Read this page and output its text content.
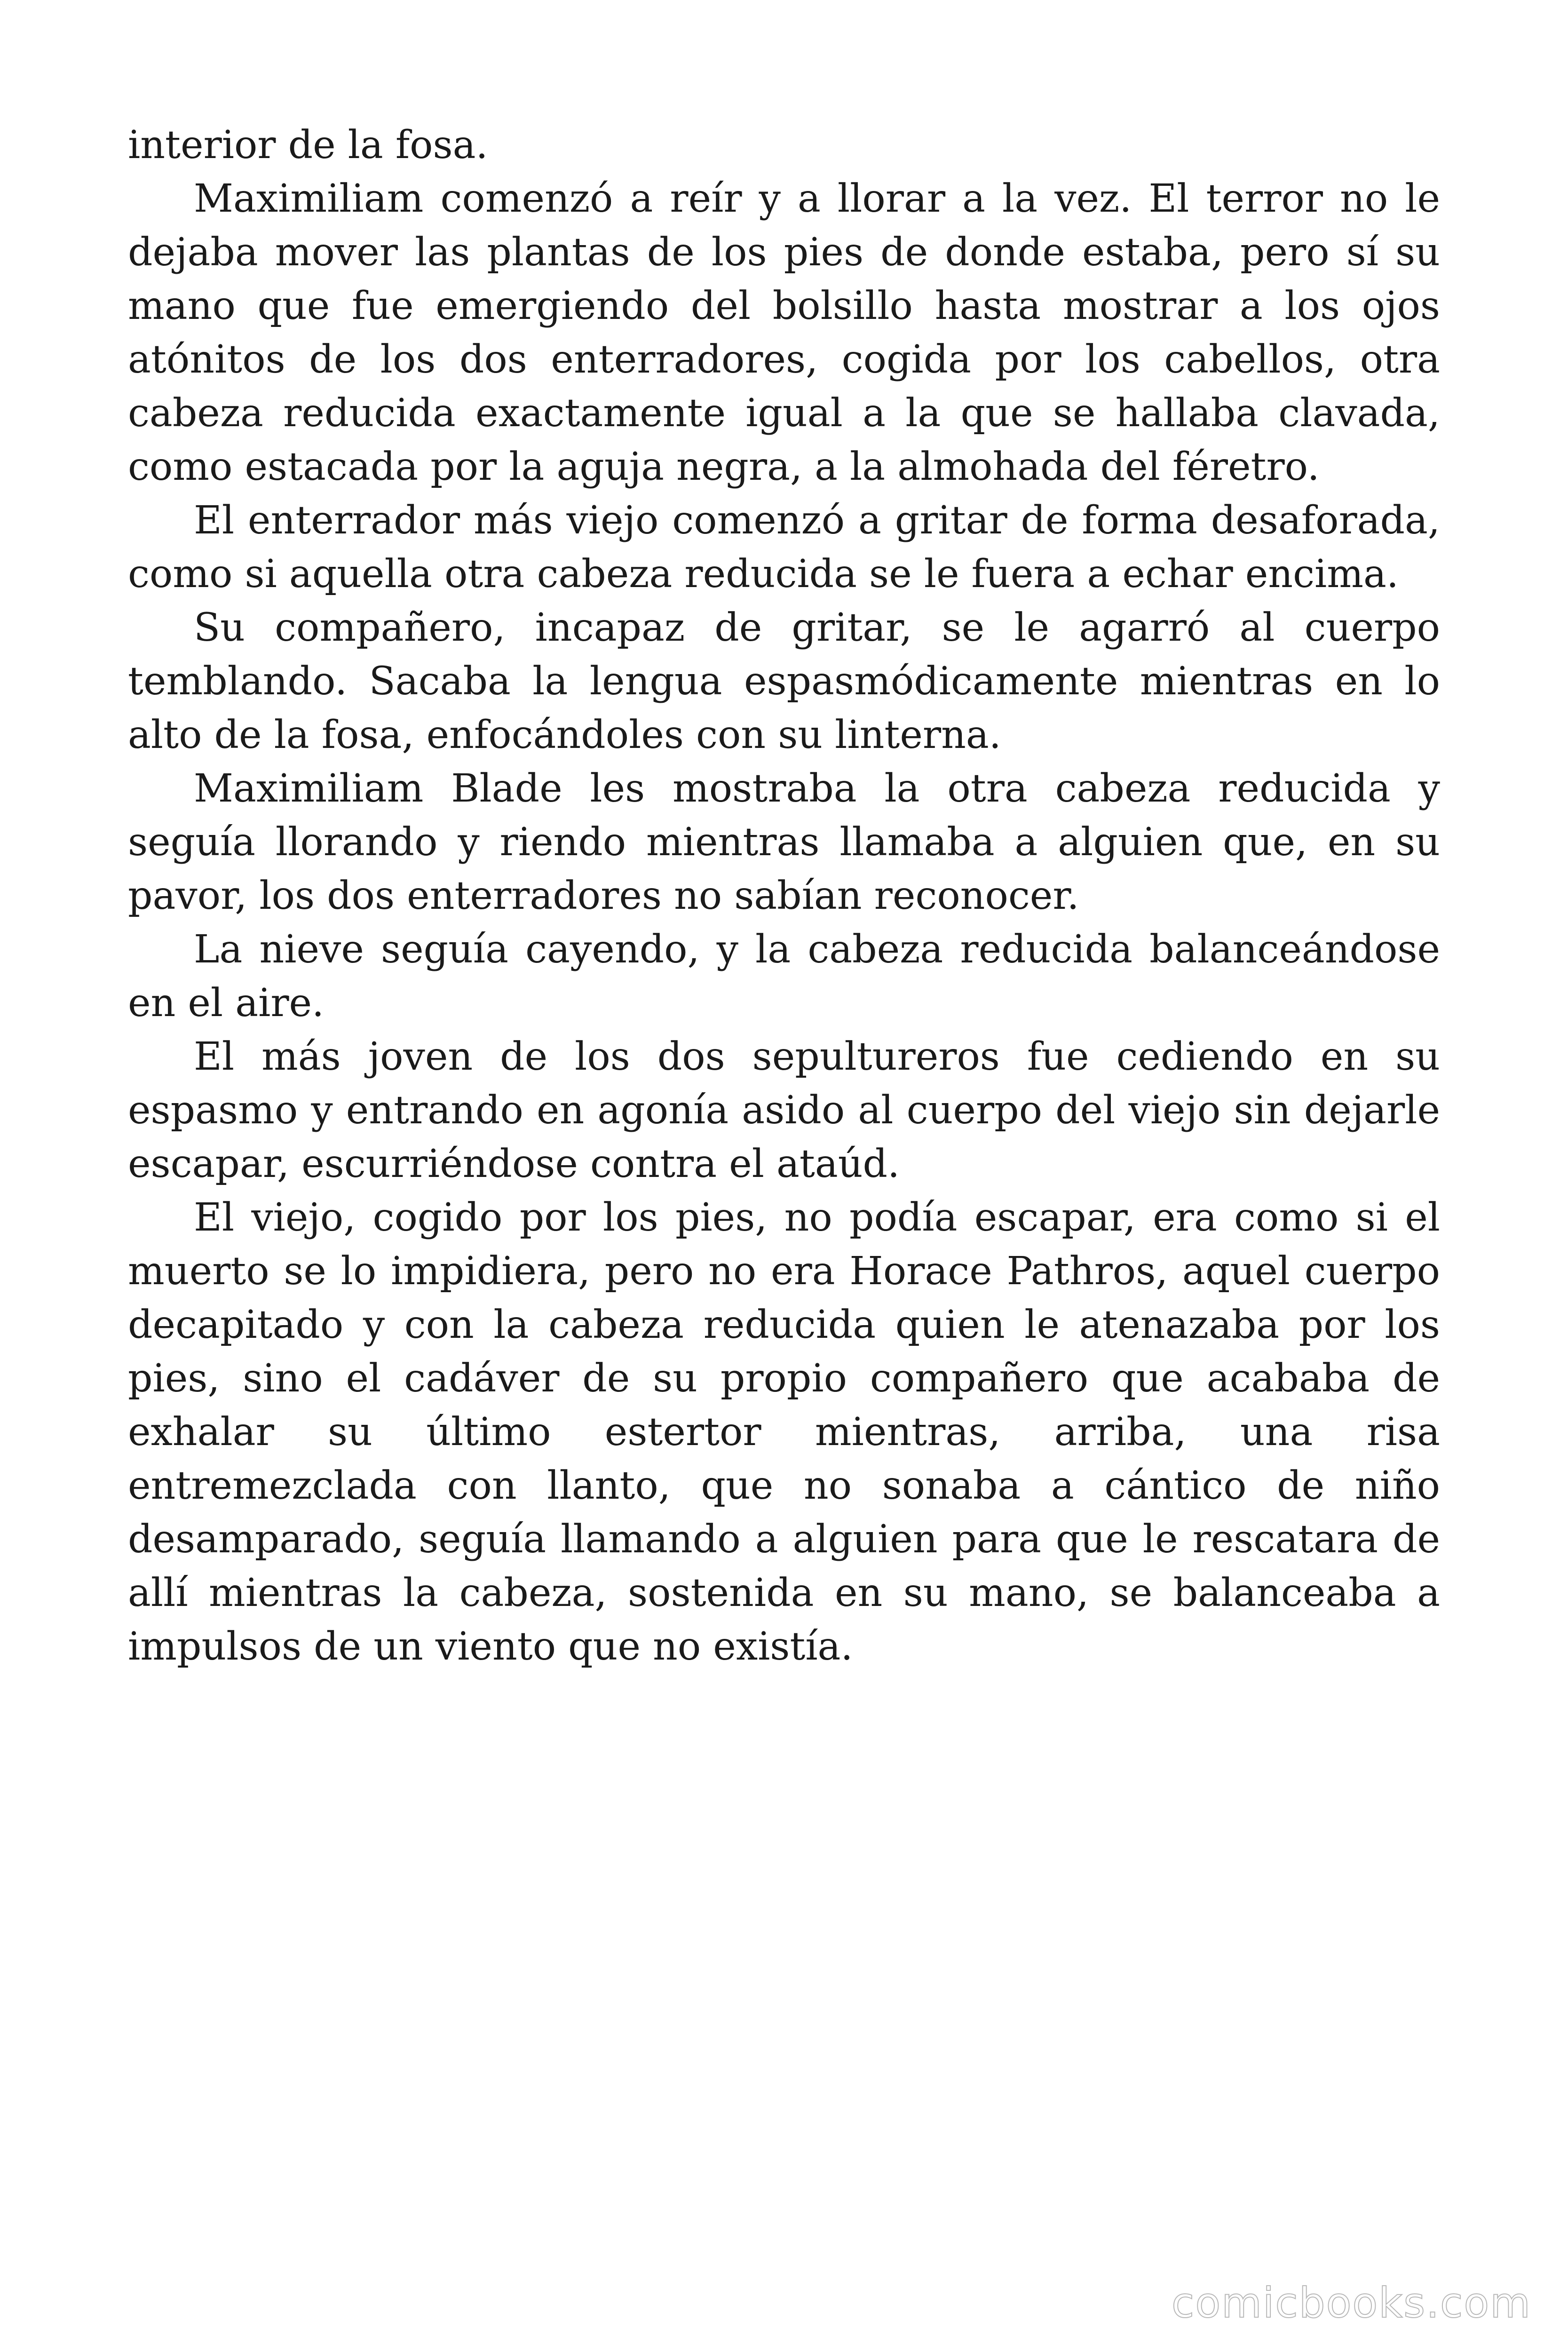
interior de la fosa.

Maximiliam comenzó a reír y a llorar a la vez. El terror no le dejaba mover las plantas de los pies de donde estaba, pero sí su mano que fue emergiendo del bolsillo hasta mostrar a los ojos atónitos de los dos enterradores, cogida por los cabellos, otra cabeza reducida exactamente igual a la que se hallaba clavada, como estacada por la aguja negra, a la almohada del féretro.

El enterrador más viejo comenzó a gritar de forma desaforada, como si aquella otra cabeza reducida se le fuera a echar encima.

Su compañero, incapaz de gritar, se le agarró al cuerpo temblando. Sacaba la lengua espasmódicamente mientras en lo alto de la fosa, enfocándoles con su linterna.

Maximiliam Blade les mostraba la otra cabeza reducida y seguía llorando y riendo mientras llamaba a alguien que, en su pavor, los dos enterradores no sabían reconocer.

La nieve seguía cayendo, y la cabeza reducida balanceándose en el aire.

El más joven de los dos sepultureros fue cediendo en su espasmo y entrando en agonía asido al cuerpo del viejo sin dejarle escapar, escurriéndose contra el ataúd.

El viejo, cogido por los pies, no podía escapar, era como si el muerto se lo impidiera, pero no era Horace Pathros, aquel cuerpo decapitado y con la cabeza reducida quien le atenazaba por los pies, sino el cadáver de su propio compañero que acababa de exhalar su último estertor mientras, arriba, una risa entremezclada con llanto, que no sonaba a cántico de niño desamparado, seguía llamando a alguien para que le rescatara de allí mientras la cabeza, sostenida en su mano, se balanceaba a impulsos de un viento que no existía.

comicbooks.com
